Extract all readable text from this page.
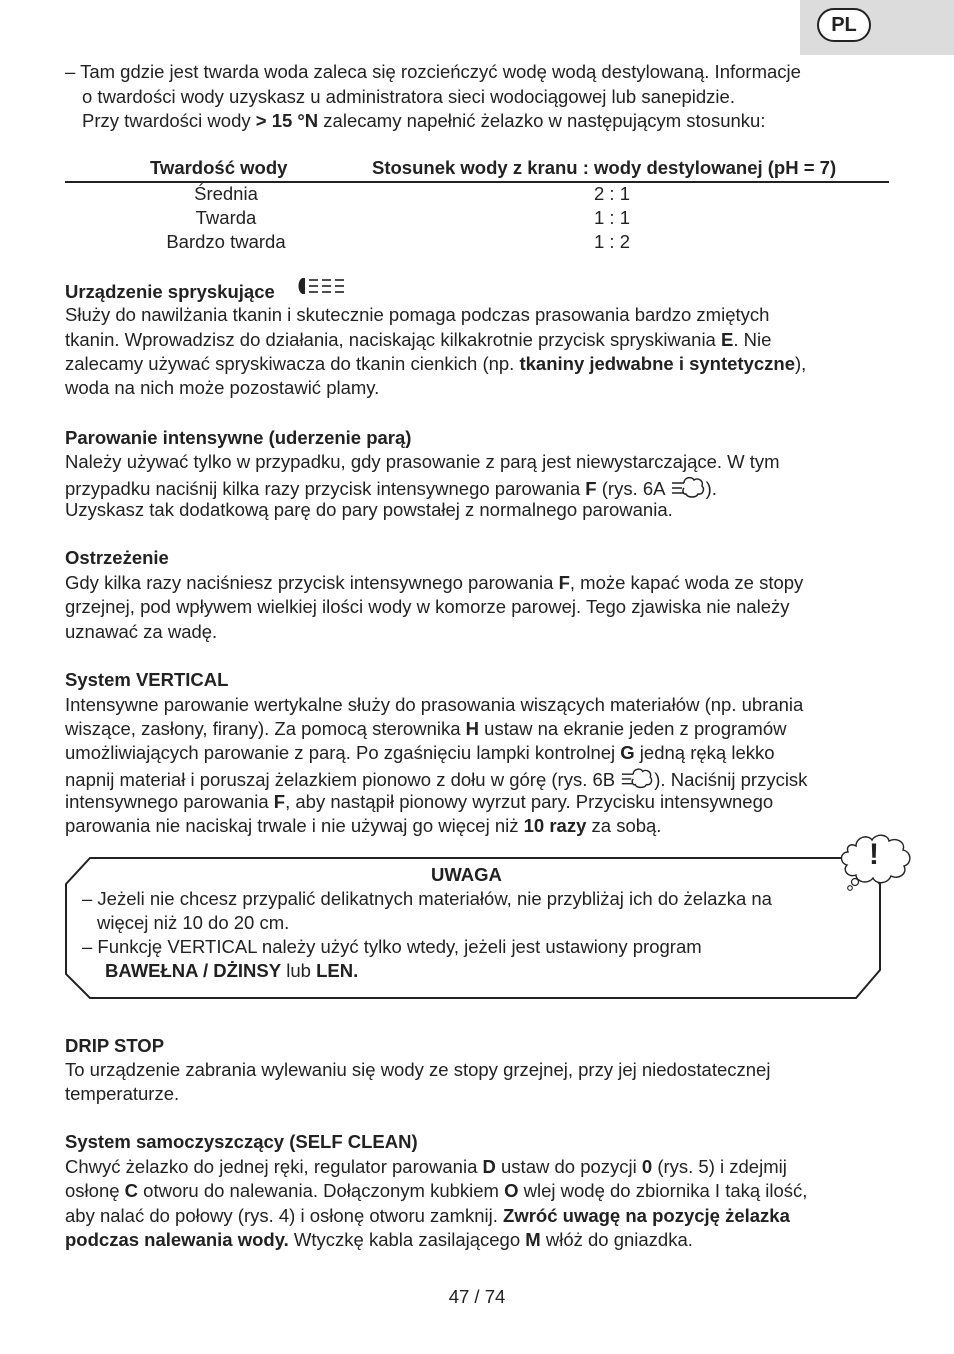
PL
– Tam gdzie jest twarda woda zaleca się rozcieńczyć wodę wodą destylowaną. Informacje
o twardości wody uzyskasz u administratora sieci wodociągowej lub sanepidzie.
Przy twardości wody > 15 °N zalecamy napełnić żelazko w następującym stosunku:
Twardość wody	Stosunek wody z kranu : wody destylowanej (pH = 7)
Średnia	2 : 1
Twarda	1 : 1
Bardzo twarda	1 : 2
Urządzenie spryskujące
Służy do nawilżania tkanin i skutecznie pomaga podczas prasowania bardzo zmiętych
tkanin. Wprowadzisz do działania, naciskając kilkakrotnie przycisk spryskiwania E. Nie
zalecamy używać spryskiwacza do tkanin cienkich (np. tkaniny jedwabne i syntetyczne),
woda na nich może pozostawić plamy.
Parowanie intensywne (uderzenie parą)
Należy używać tylko w przypadku, gdy prasowanie z parą jest niewystarczające. W tym
przypadku naciśnij kilka razy przycisk intensywnego parowania F (rys. 6A ).
Uzyskasz tak dodatkową parę do pary powstałej z normalnego parowania.
Ostrzeżenie
Gdy kilka razy naciśniesz przycisk intensywnego parowania F, może kapać woda ze stopy
grzejnej, pod wpływem wielkiej ilości wody w komorze parowej. Tego zjawiska nie należy
uznawać za wadę.
System VERTICAL
Intensywne parowanie wertykalne służy do prasowania wiszących materiałów (np. ubrania
wiszące, zasłony, firany). Za pomocą sterownika H ustaw na ekranie jeden z programów
umożliwiających parowanie z parą. Po zgaśnięciu lampki kontrolnej G jedną ręką lekko
napnij materiał i poruszaj żelazkiem pionowo z dołu w górę (rys. 6B ). Naciśnij przycisk
intensywnego parowania F, aby nastąpił pionowy wyrzut pary. Przycisku intensywnego
parowania nie naciskaj trwale i nie używaj go więcej niż 10 razy za sobą.
UWAGA
– Jeżeli nie chcesz przypalić delikatnych materiałów, nie przybliżaj ich do żelazka na
więcej niż 10 do 20 cm.
– Funkcję VERTICAL należy użyć tylko wtedy, jeżeli jest ustawiony program
BAWEŁNA / DŻINSY lub LEN.
!
DRIP STOP
To urządzenie zabrania wylewaniu się wody ze stopy grzejnej, przy jej niedostatecznej
temperaturze.
System samoczyszczący (SELF CLEAN)
Chwyć żelazko do jednej ręki, regulator parowania D ustaw do pozycji 0 (rys. 5) i zdejmij
osłonę C otworu do nalewania. Dołączonym kubkiem O wlej wodę do zbiornika I taką ilość,
aby nalać do połowy (rys. 4) i osłonę otworu zamknij. Zwróć uwagę na pozycję żelazka
podczas nalewania wody. Wtyczkę kabla zasilającego M włóż do gniazdka.
47 / 74
